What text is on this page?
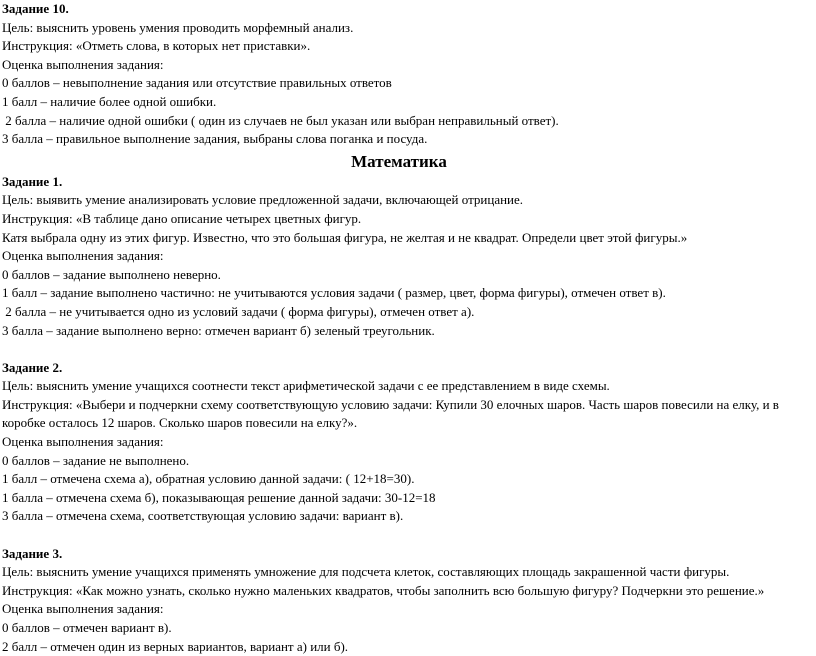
Задание 10.
Цель: выяснить уровень умения проводить морфемный анализ.
Инструкция: «Отметь слова, в которых нет приставки».
Оценка выполнения задания:
0 баллов – невыполнение задания или отсутствие правильных ответов
1 балл – наличие более одной ошибки.
2 балла – наличие одной ошибки ( один из случаев не был указан или выбран неправильный ответ).
3 балла – правильное выполнение задания, выбраны слова поганка и посуда.
Математика
Задание 1.
Цель: выявить умение анализировать условие предложенной задачи, включающей отрицание.
Инструкция: «В таблице дано описание четырех цветных фигур.
Катя выбрала одну из этих фигур. Известно, что это большая фигура, не желтая и не квадрат. Определи цвет этой фигуры.»
Оценка выполнения задания:
0 баллов – задание выполнено неверно.
1 балл – задание выполнено частично: не учитываются условия задачи ( размер, цвет, форма фигуры), отмечен ответ в).
2 балла – не учитывается одно из условий задачи ( форма фигуры), отмечен ответ а).
3 балла – задание выполнено верно: отмечен вариант б) зеленый треугольник.
Задание 2.
Цель: выяснить умение учащихся соотнести текст арифметической задачи с ее представлением в виде схемы.
Инструкция: «Выбери и подчеркни схему соответствующую условию задачи: Купили 30 елочных шаров. Часть шаров повесили на елку, и в
коробке осталось 12 шаров. Сколько шаров повесили на елку?».
Оценка выполнения задания:
0 баллов – задание не выполнено.
1 балл – отмечена схема а), обратная условию данной задачи: ( 12+18=30).
1 балла – отмечена схема б), показывающая решение данной задачи: 30-12=18
3 балла – отмечена схема, соответствующая условию задачи: вариант в).
Задание 3.
Цель: выяснить умение учащихся применять умножение для подсчета клеток, составляющих площадь закрашенной части фигуры.
Инструкция: «Как можно узнать, сколько нужно маленьких квадратов, чтобы заполнить всю большую фигуру? Подчеркни это решение.»
Оценка выполнения задания:
0 баллов – отмечен вариант в).
2 балл – отмечен один из верных вариантов, вариант а) или б).
